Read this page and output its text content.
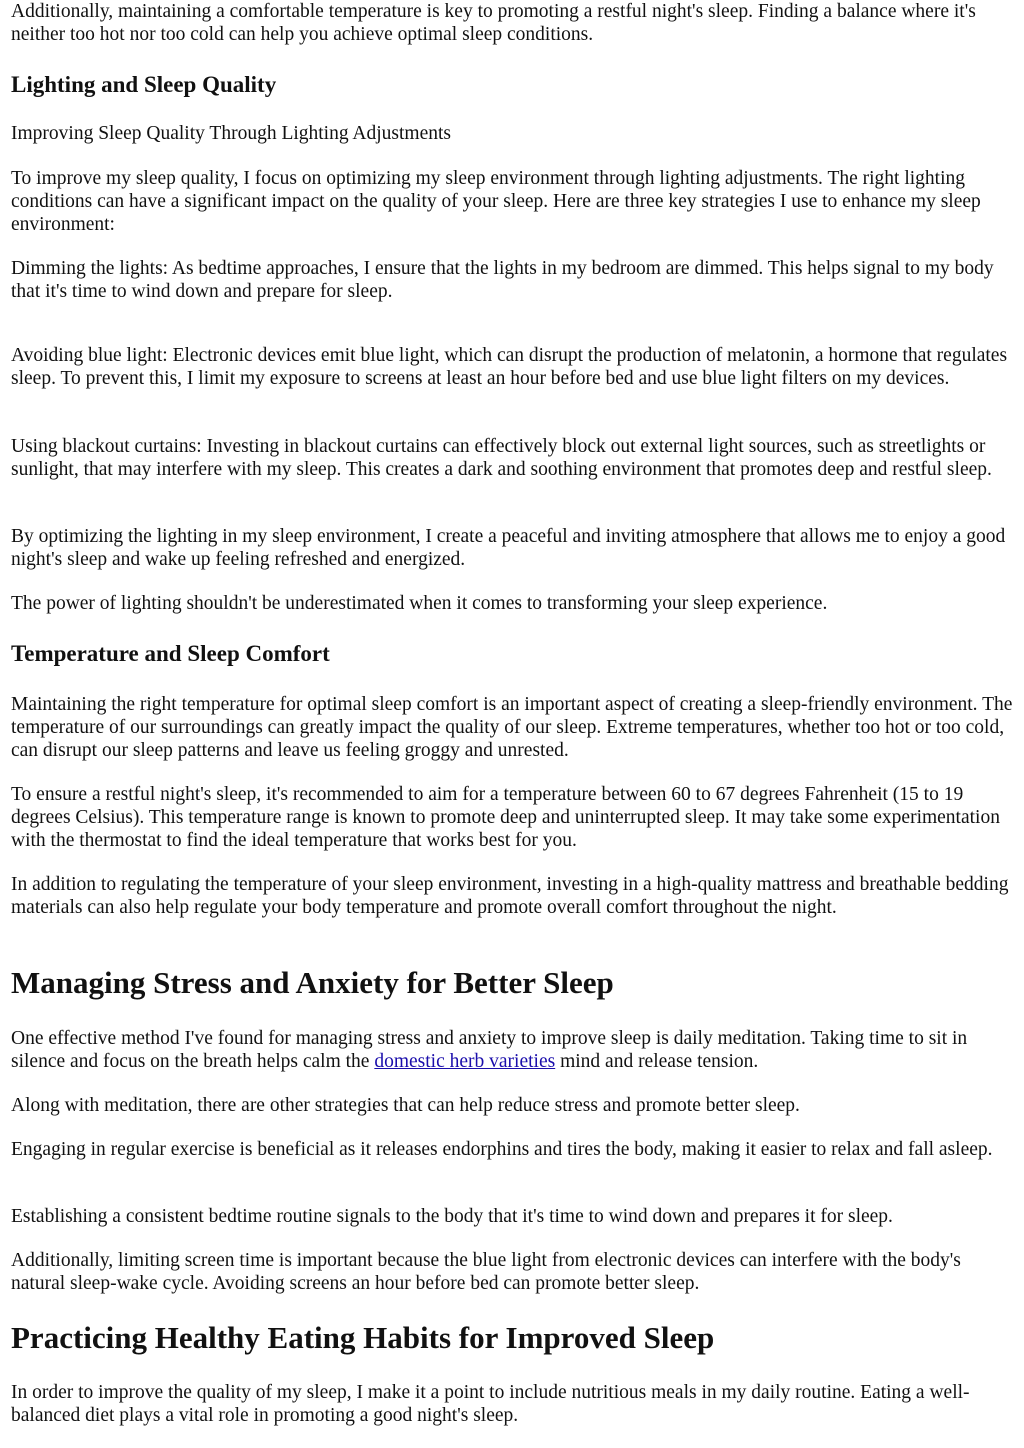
Additionally, maintaining a comfortable temperature is key to promoting a restful night's sleep. Finding a balance where it's neither too hot nor too cold can help you achieve optimal sleep conditions.

Lighting and Sleep Quality

Improving Sleep Quality Through Lighting Adjustments

To improve my sleep quality, I focus on optimizing my sleep environment through lighting adjustments. The right lighting conditions can have a significant impact on the quality of your sleep. Here are three key strategies I use to enhance my sleep environment:

Dimming the lights: As bedtime approaches, I ensure that the lights in my bedroom are dimmed. This helps signal to my body that it's time to wind down and prepare for sleep.

Avoiding blue light: Electronic devices emit blue light, which can disrupt the production of melatonin, a hormone that regulates sleep. To prevent this, I limit my exposure to screens at least an hour before bed and use blue light filters on my devices.

Using blackout curtains: Investing in blackout curtains can effectively block out external light sources, such as streetlights or sunlight, that may interfere with my sleep. This creates a dark and soothing environment that promotes deep and restful sleep.

By optimizing the lighting in my sleep environment, I create a peaceful and inviting atmosphere that allows me to enjoy a good night's sleep and wake up feeling refreshed and energized.

The power of lighting shouldn't be underestimated when it comes to transforming your sleep experience.

Temperature and Sleep Comfort

Maintaining the right temperature for optimal sleep comfort is an important aspect of creating a sleep-friendly environment. The temperature of our surroundings can greatly impact the quality of our sleep. Extreme temperatures, whether too hot or too cold, can disrupt our sleep patterns and leave us feeling groggy and unrested.

To ensure a restful night's sleep, it's recommended to aim for a temperature between 60 to 67 degrees Fahrenheit (15 to 19 degrees Celsius). This temperature range is known to promote deep and uninterrupted sleep. It may take some experimentation with the thermostat to find the ideal temperature that works best for you.

In addition to regulating the temperature of your sleep environment, investing in a high-quality mattress and breathable bedding materials can also help regulate your body temperature and promote overall comfort throughout the night.

Managing Stress and Anxiety for Better Sleep

One effective method I've found for managing stress and anxiety to improve sleep is daily meditation. Taking time to sit in silence and focus on the breath helps calm the domestic herb varieties mind and release tension.

Along with meditation, there are other strategies that can help reduce stress and promote better sleep.

Engaging in regular exercise is beneficial as it releases endorphins and tires the body, making it easier to relax and fall asleep.

Establishing a consistent bedtime routine signals to the body that it's time to wind down and prepares it for sleep.

Additionally, limiting screen time is important because the blue light from electronic devices can interfere with the body's natural sleep-wake cycle. Avoiding screens an hour before bed can promote better sleep.

Practicing Healthy Eating Habits for Improved Sleep

In order to improve the quality of my sleep, I make it a point to include nutritious meals in my daily routine. Eating a well-balanced diet plays a vital role in promoting a good night's sleep.
